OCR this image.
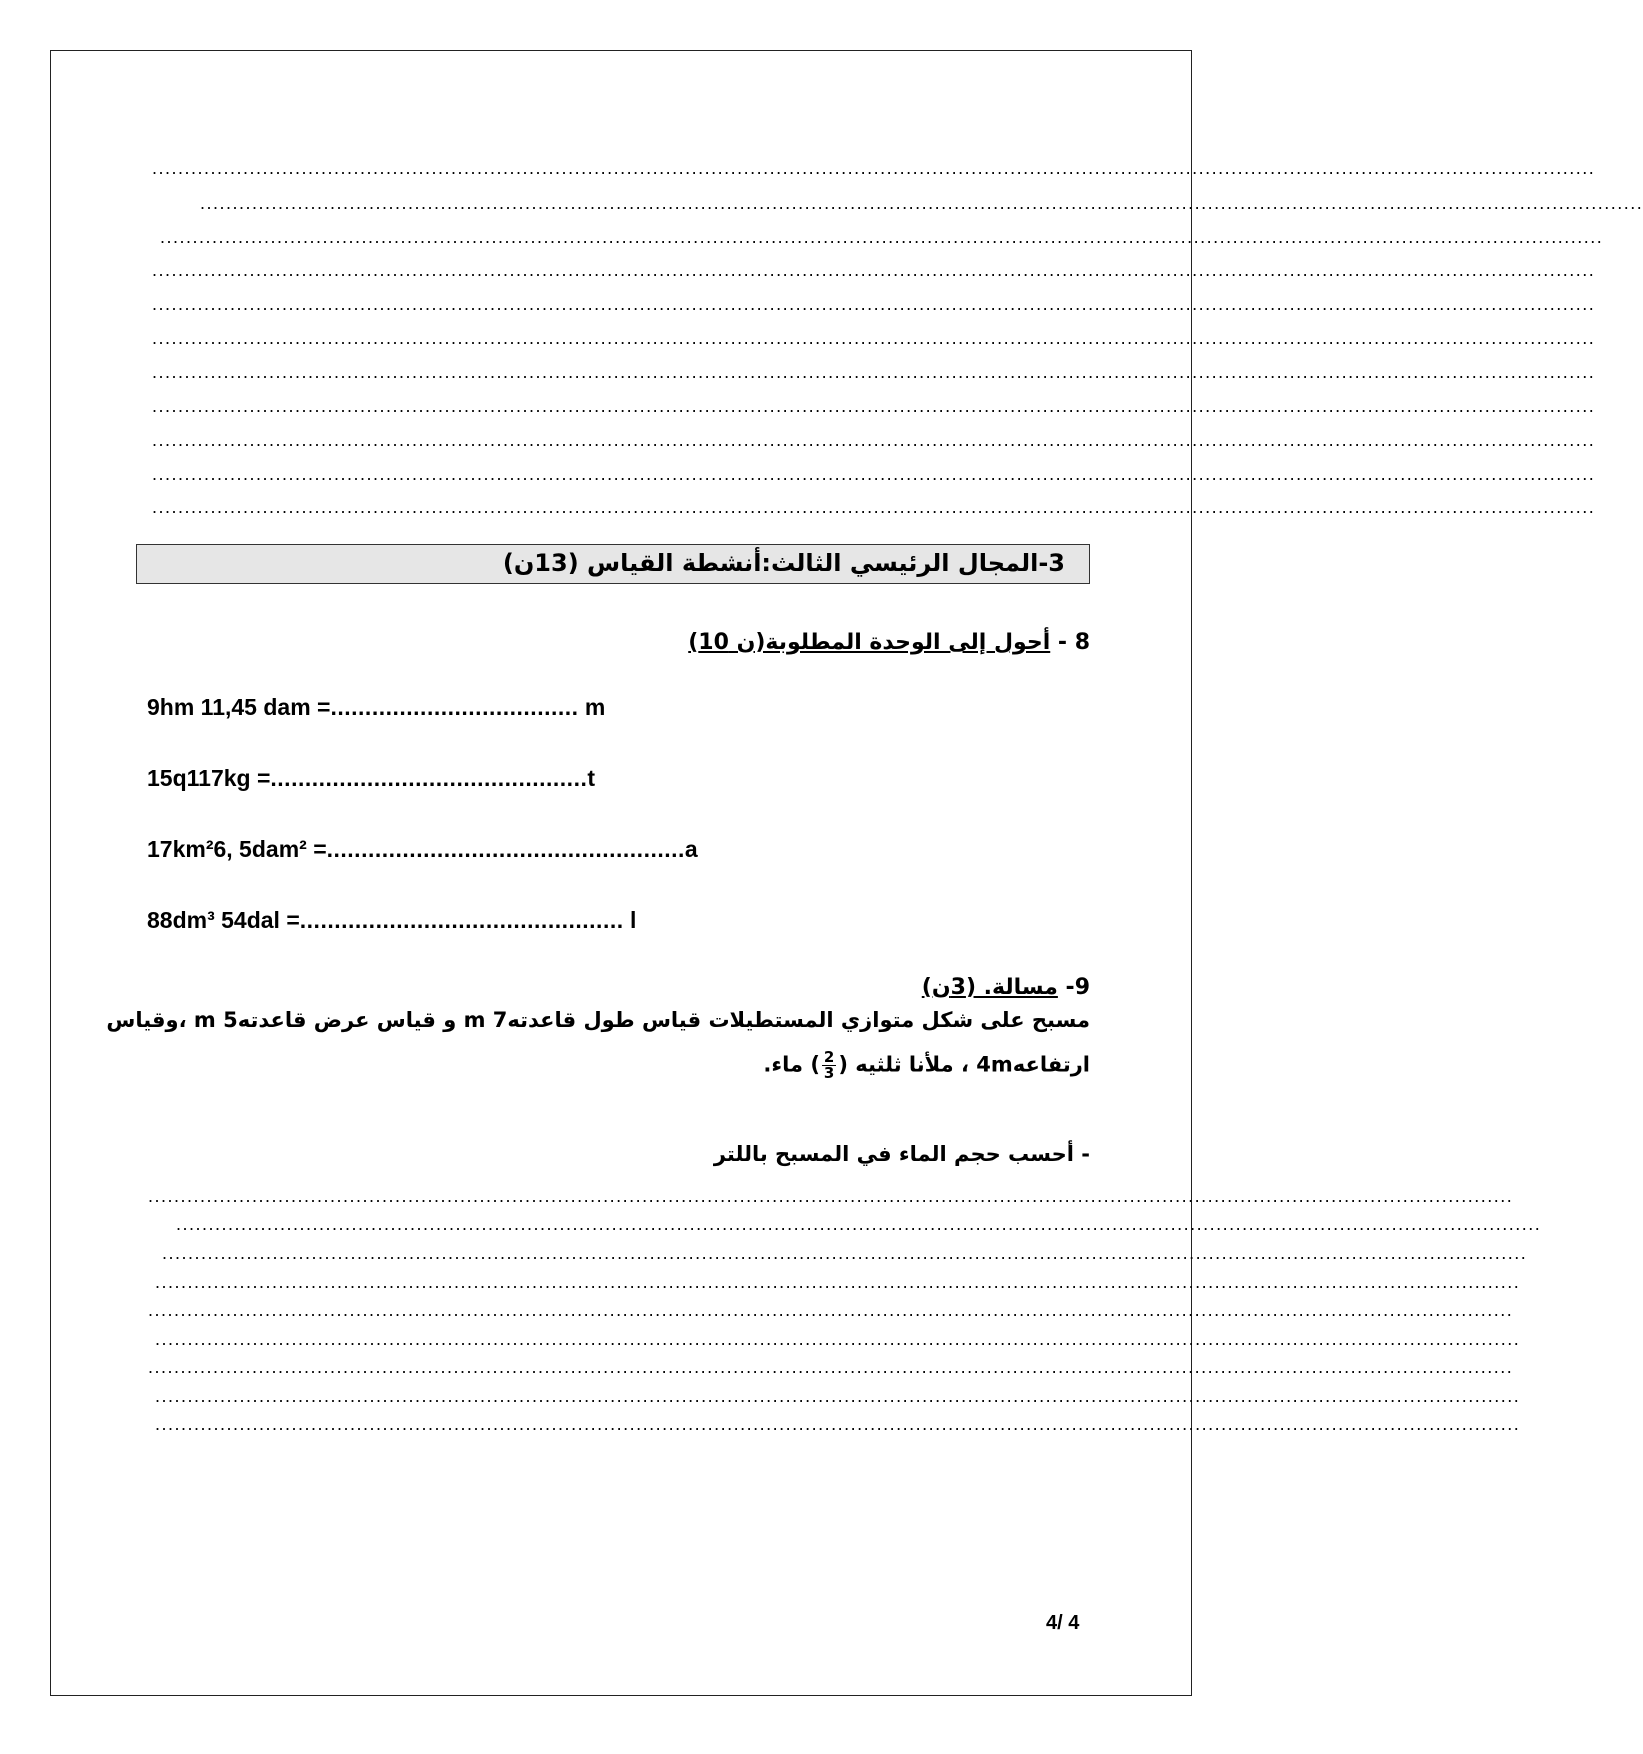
..............................................................................................................................................................................................................................
..............................................................................................................................................................................................................................
..............................................................................................................................................................................................................................
..............................................................................................................................................................................................................................
..............................................................................................................................................................................................................................
..............................................................................................................................................................................................................................
..............................................................................................................................................................................................................................
..............................................................................................................................................................................................................................
..............................................................................................................................................................................................................................
..............................................................................................................................................................................................................................
..............................................................................................................................................................................................................................
3-المجال الرئيسي الثالث:أنشطة القياس (13ن)
8 - أحول إلى الوحدة المطلوبة(ن 10)
9hm 11,45 dam =.................................... m
15q117kg =..............................................t
17km²6, 5dam² =....................................................a
88dm³ 54dal =............................................... l
9- مسالة. (3ن)
مسبح على شكل متوازي المستطيلات قياس طول قاعدته7 m و قياس عرض قاعدته5 m ،وقياس
ارتفاعه4m ، ملأنا ثلثيه (
$\frac{2}{3}$
) ماء.
- أحسب حجم الماء في المسبح باللتر
..................................................................................................................................................................................................................
..................................................................................................................................................................................................................
..................................................................................................................................................................................................................
..................................................................................................................................................................................................................
..................................................................................................................................................................................................................
..................................................................................................................................................................................................................
..................................................................................................................................................................................................................
..................................................................................................................................................................................................................
..................................................................................................................................................................................................................
4/ 4
